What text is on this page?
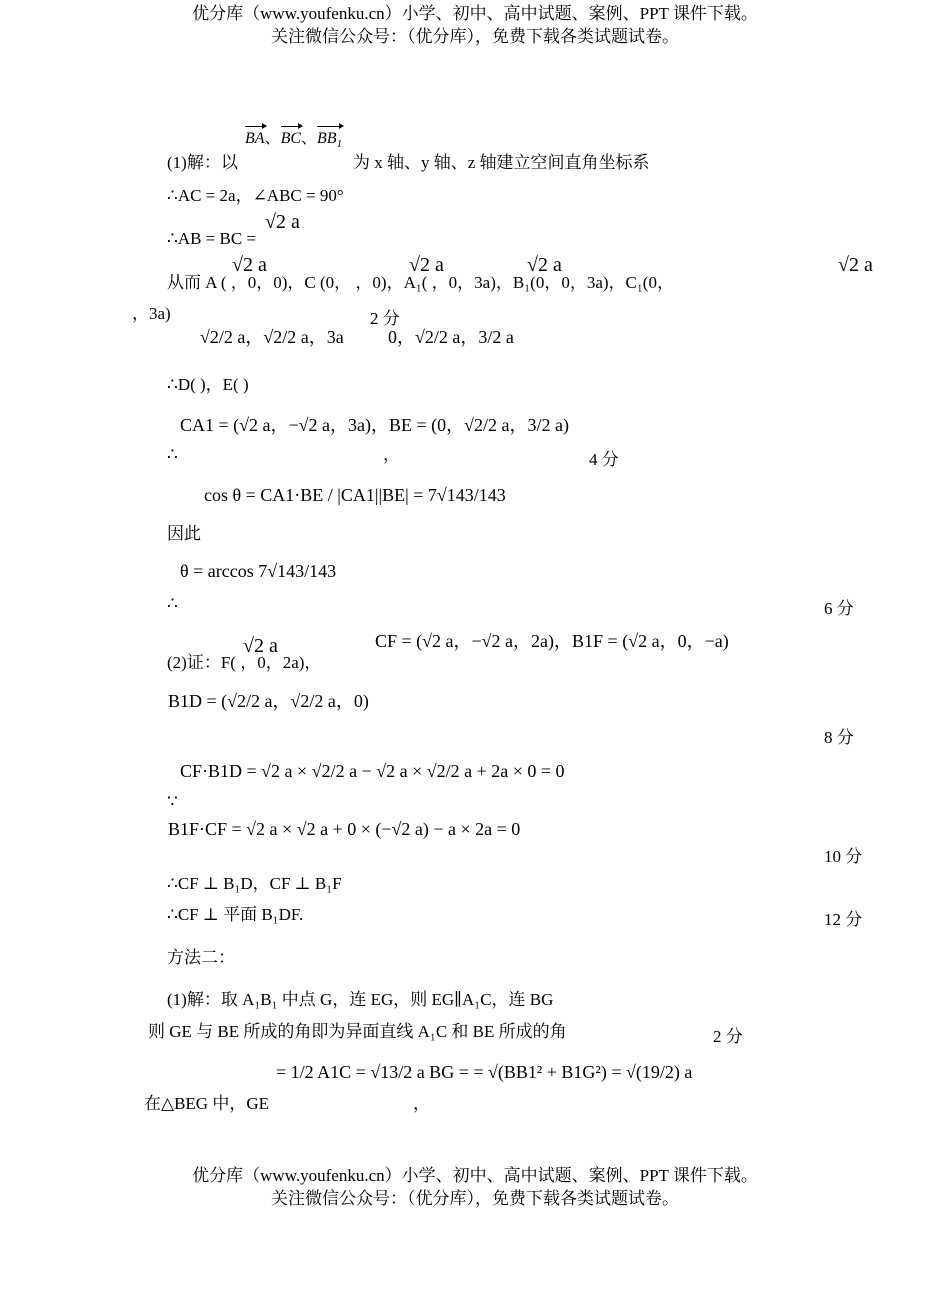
优分库（www.youfenku.cn）小学、初中、高中试题、案例、PPT 课件下载。
关注微信公众号：（优分库），免费下载各类试题试卷。
BA、BC、$BB_1$
(1)解：以	为 x 轴、y 轴、z 轴建立空间直角坐标系
∴AC = 2a，∠ABC = 90°
√2 a
∴AB = BC =
√2 a	√2 a	√2 a	√2 a
从而 A ( ，0，0)，C (0， ，0)，A₁( ，0，3a)，B₁(0，0，3a)，C₁(0，
，3a)	2 分
√2/2 a，√2/2 a，3a 0，√2/2 a，3/2 a
∴D( )，E( )
CA1 = (√2 a，−√2 a，3a)，BE = (0，√2/2 a，3/2 a)
∴	，	4 分
cos θ = CA1·BE / |CA1||BE| = 7√143/143
因此
θ = arccos 7√143/143
∴	6 分
√2 a	CF = (√2 a，−√2 a，2a)，B1F = (√2 a，0，−a)
(2)证：F( ，0，2a)，
B1D = (√2/2 a，√2/2 a，0)
8 分
CF·B1D = √2 a × √2/2 a − √2 a × √2/2 a + 2a × 0 = 0
∵
B1F·CF = √2 a × √2 a + 0 × (−√2 a) − a × 2a = 0
10 分
∴CF ⊥ B₁D，CF ⊥ B₁F
∴CF ⊥ 平面 B₁DF.	12 分
方法二：
(1)解：取 A₁B₁ 中点 G，连 EG，则 EG∥A₁C，连 BG
则 GE 与 BE 所成的角即为异面直线 A₁C 和 BE 所成的角	2 分
= 1/2 A1C = √13/2 a BG = = √(BB1² + B1G²) = √(19/2) a
在△BEG 中，GE	，
优分库（www.youfenku.cn）小学、初中、高中试题、案例、PPT 课件下载。
关注微信公众号：（优分库），免费下载各类试题试卷。
